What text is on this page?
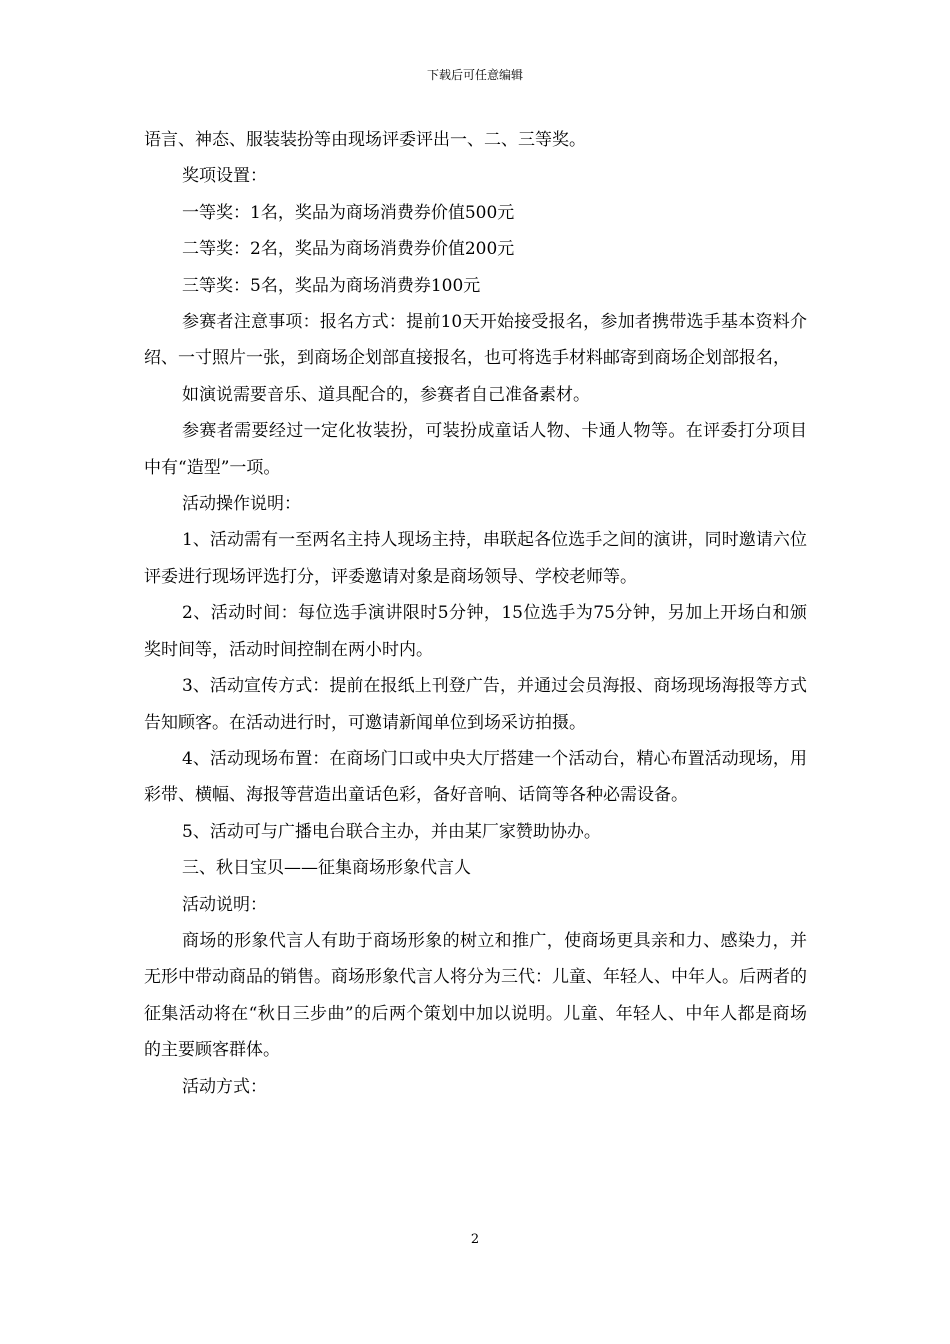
下载后可任意编辑

语言、神态、服装装扮等由现场评委评出一、二、三等奖。

奖项设置：

一等奖：1名，奖品为商场消费券价值500元

二等奖：2名，奖品为商场消费券价值200元

三等奖：5名，奖品为商场消费券100元

参赛者注意事项：报名方式：提前10天开始接受报名，参加者携带选手基本资料介绍、一寸照片一张，到商场企划部直接报名，也可将选手材料邮寄到商场企划部报名，

如演说需要音乐、道具配合的，参赛者自己准备素材。

参赛者需要经过一定化妆装扮，可装扮成童话人物、卡通人物等。在评委打分项目中有“造型”一项。

活动操作说明：

1、活动需有一至两名主持人现场主持，串联起各位选手之间的演讲，同时邀请六位评委进行现场评选打分，评委邀请对象是商场领导、学校老师等。

2、活动时间：每位选手演讲限时5分钟，15位选手为75分钟，另加上开场白和颁奖时间等，活动时间控制在两小时内。

3、活动宣传方式：提前在报纸上刊登广告，并通过会员海报、商场现场海报等方式告知顾客。在活动进行时，可邀请新闻单位到场采访拍摄。

4、活动现场布置：在商场门口或中央大厅搭建一个活动台，精心布置活动现场，用彩带、横幅、海报等营造出童话色彩，备好音响、话筒等各种必需设备。

5、活动可与广播电台联合主办，并由某厂家赞助协办。

三、秋日宝贝——征集商场形象代言人

活动说明：

商场的形象代言人有助于商场形象的树立和推广，使商场更具亲和力、感染力，并无形中带动商品的销售。商场形象代言人将分为三代：儿童、年轻人、中年人。后两者的征集活动将在“秋日三步曲”的后两个策划中加以说明。儿童、年轻人、中年人都是商场的主要顾客群体。

活动方式：

2
